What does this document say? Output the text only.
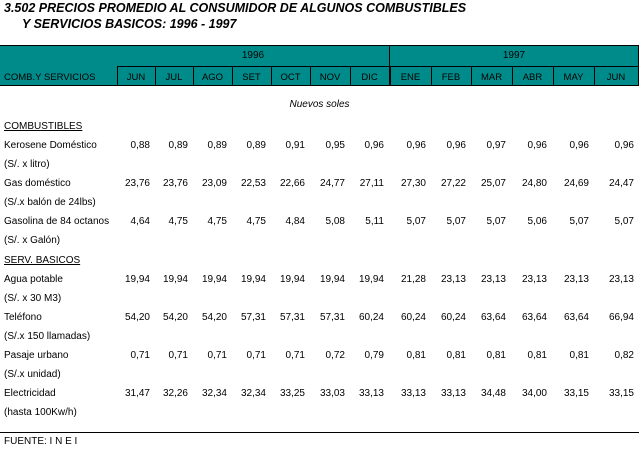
3.502 PRECIOS PROMEDIO AL CONSUMIDOR DE ALGUNOS COMBUSTIBLES
Y SERVICIOS BASICOS: 1996 - 1997
1996	1997
COMB.Y SERVICIOS	JUN	JUL	AGO	SET	OCT	NOV	DIC	ENE	FEB	MAR	ABR	MAY	JUN
Nuevos soles
COMBUSTIBLES
Kerosene Doméstico	0,88	0,89	0,89	0,89	0,91	0,95	0,96	0,96	0,96	0,97	0,96	0,96	0,96
(S/. x litro)
Gas doméstico	23,76	23,76	23,09	22,53	22,66	24,77	27,11	27,30	27,22	25,07	24,80	24,69	24,47
(S/.x balón de 24lbs)
Gasolina de 84 octanos	4,64	4,75	4,75	4,75	4,84	5,08	5,11	5,07	5,07	5,07	5,06	5,07	5,07
(S/. x Galón)
SERV. BASICOS
Agua potable	19,94	19,94	19,94	19,94	19,94	19,94	19,94	21,28	23,13	23,13	23,13	23,13	23,13
(S/. x 30 M3)
Teléfono	54,20	54,20	54,20	57,31	57,31	57,31	60,24	60,24	60,24	63,64	63,64	63,64	66,94
(S/.x 150 llamadas)
Pasaje urbano	0,71	0,71	0,71	0,71	0,71	0,72	0,79	0,81	0,81	0,81	0,81	0,81	0,82
(S/.x unidad)
Electricidad	31,47	32,26	32,34	32,34	33,25	33,03	33,13	33,13	33,13	34,48	34,00	33,15	33,15
(hasta 100Kw/h)
FUENTE: I N E I
